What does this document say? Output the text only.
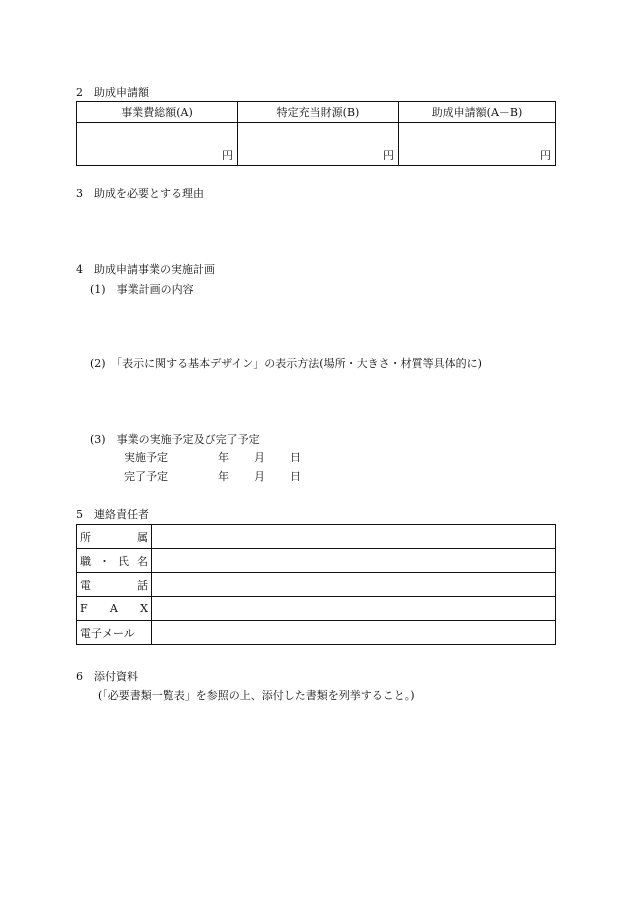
2　助成申請額
事業費総額(A)	特定充当財源(B)	助成申請額(A－B)
円	円	円
3　助成を必要とする理由
4　助成申請事業の実施計画
(1)　事業計画の内容
(2)　「表示に関する基本デザイン」の表示方法(場所・大きさ・材質等具体的に)
(3)　事業の実施予定及び完了予定
実施予定	年 月 日
完了予定	年 月 日
5　連絡責任者
所 属	

職 ・ 氏 名	

電 話	

F A X	

電子メール	
6　添付資料
(「必要書類一覧表」を参照の上、添付した書類を列挙すること。)
